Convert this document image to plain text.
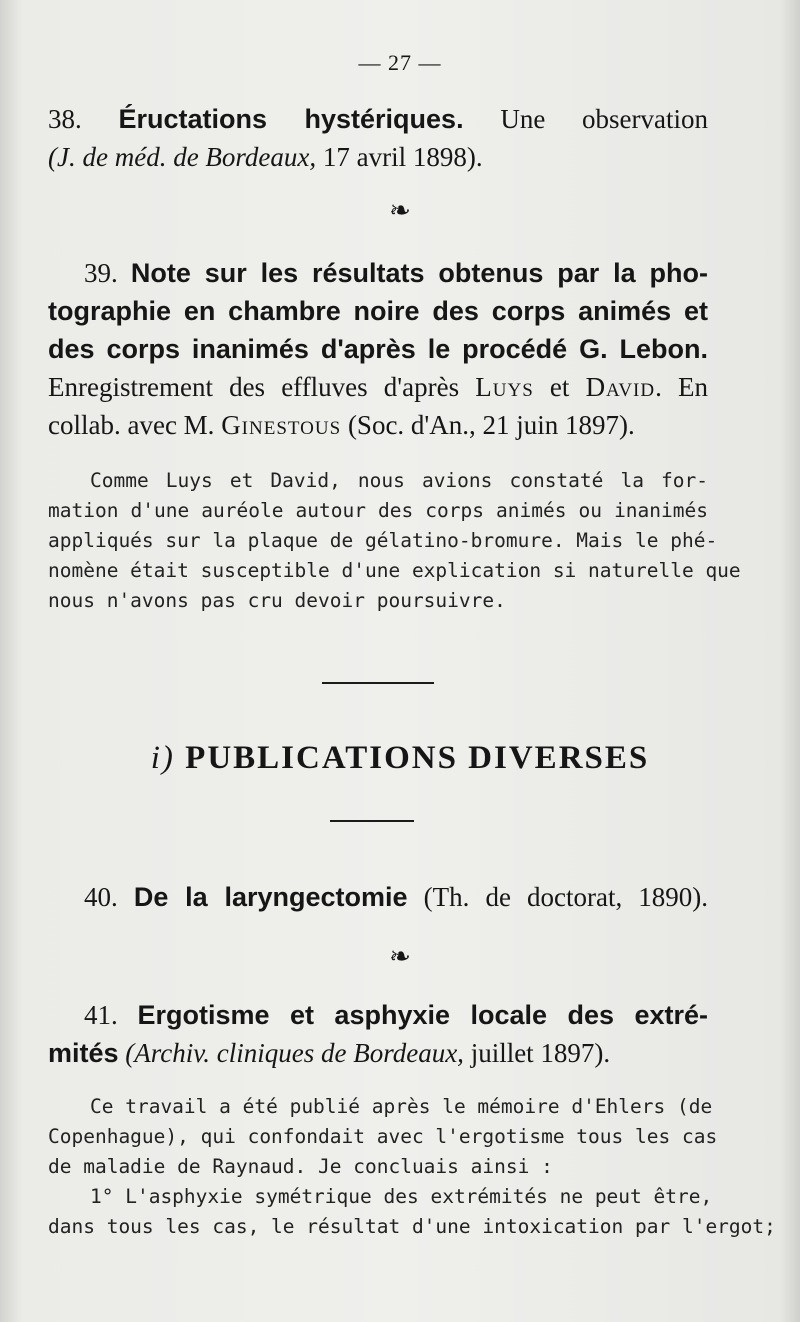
— 27 —
38. Éructations hystériques. Une observation
(J. de méd. de Bordeaux, 17 avril 1898).
❧
39. Note sur les résultats obtenus par la pho-
tographie en chambre noire des corps animés et
des corps inanimés d'après le procédé G. Lebon.
Enregistrement des effluves d'après Luys et David. En
collab. avec M. Ginestous (Soc. d'An., 21 juin 1897).
Comme Luys et David, nous avions constaté la for-
mation d'une auréole autour des corps animés ou inanimés
appliqués sur la plaque de gélatino-bromure. Mais le phé-
nomène était susceptible d'une explication si naturelle que
nous n'avons pas cru devoir poursuivre.
i) PUBLICATIONS DIVERSES
40. De la laryngectomie (Th. de doctorat, 1890).
❧
41. Ergotisme et asphyxie locale des extré-
mités (Archiv. cliniques de Bordeaux, juillet 1897).
Ce travail a été publié après le mémoire d'Ehlers (de
Copenhague), qui confondait avec l'ergotisme tous les cas
de maladie de Raynaud. Je concluais ainsi :
1° L'asphyxie symétrique des extrémités ne peut être,
dans tous les cas, le résultat d'une intoxication par l'ergot;
